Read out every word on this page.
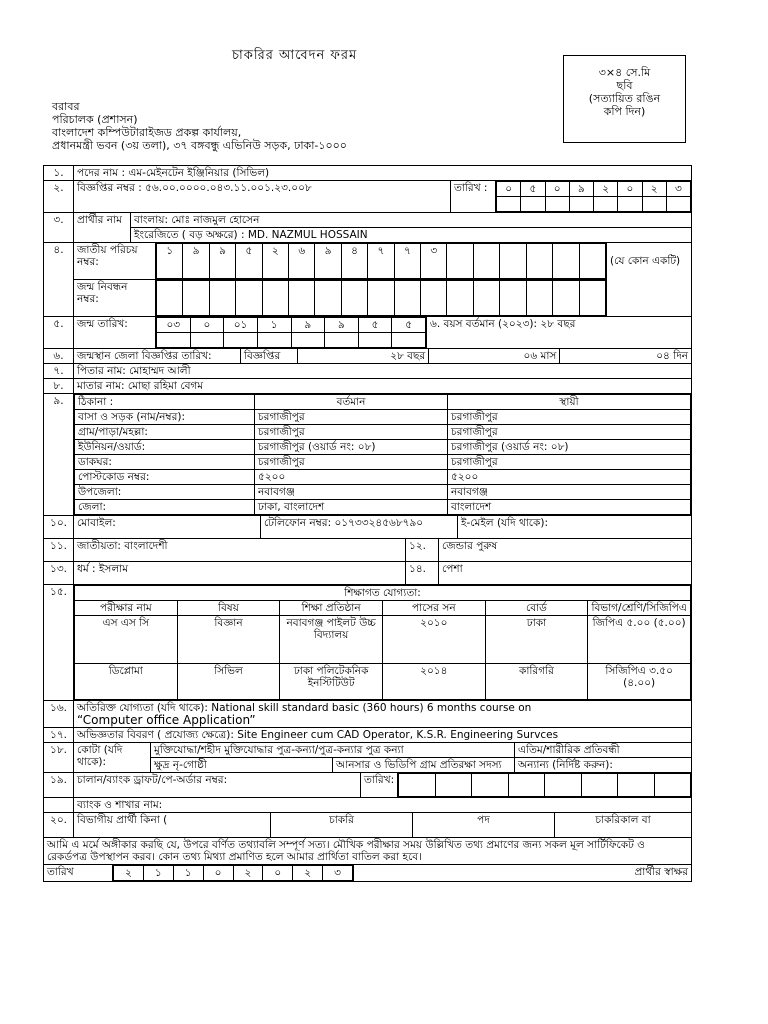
চাকরির আবেদন ফরম
৩×৪ সে.মি
ছবি
(সত্যায়িত রঙিন
কপি দিন)
বরাবর
পরিচালক (প্রশাসন)
বাংলাদেশ কম্পিউটারাইজড প্রকল্প কার্যালয়,
প্রধানমন্ত্রী ভবন (৩য় তলা), ৩৭ বঙ্গবন্ধু এভিনিউ সড়ক, ঢাকা-১০০০
১.	পদের নাম : এম-মেইনটেন ইঞ্জিনিয়ার (সিভিল)
২.	বিজ্ঞপ্তির নম্বর : ৫৬.০০.০০০০.০৪৩.১১.০০১.২৩.০০৮	তারিখ :	০	৫	০	৯	২	০	২	৩

৩.	প্রার্থীর নাম	বাংলায়: মোঃ নাজমুল হোসেন
ইংরেজিতে ( বড় অক্ষরে) : MD. NAZMUL HOSSAIN

৪.	জাতীয় পরিচয় নম্বর:	
১	৯	৯	৫	২	৬	৯	৪	৭	৭	৩						
	(যে কোন একটি)
জন্ম নিবন্ধন নম্বর:	

৫.	জন্ম তারিখ:		০৩	০	০১	১	৯	৯	৫	৫

	৬. বয়স বর্তমান (২০২৩): ২৮ বছর

৬.	জন্মস্থান জেলা বিজ্ঞপ্তির তারিখ:	বিজ্ঞপ্তির	২৮ বছর	০৬ মাস	০৪ দিন

৭.	পিতার নাম: মোহাম্মদ আলী
৮.	মাতার নাম: মোছা রহিমা বেগম
৯.	ঠিকানা :	বর্তমান	স্থায়ী
বাসা ও সড়ক (নাম/নম্বর):	চরগাজীপুর	চরগাজীপুর
গ্রাম/পাড়া/মহল্লা:	চরগাজীপুর	চরগাজীপুর
ইউনিয়ন/ওয়ার্ড:	চরগাজীপুর (ওয়ার্ড নং: ০৮)	চরগাজীপুর (ওয়ার্ড নং: ০৮)
ডাকঘর:	চরগাজীপুর	চরগাজীপুর
পোস্টকোড নম্বর:	৫২০০	৫২০০
উপজেলা:	নবাবগঞ্জ	নবাবগঞ্জ
জেলা:	ঢাকা, বাংলাদেশ	বাংলাদেশ

১০.	মোবাইল:	টেলিফোন নম্বর: ০১৭৩৩২৪৫৬৮৭৯০	ই-মেইল (যদি থাকে):

১১.	জাতীয়তা: বাংলাদেশী	১২.	জেন্ডার পুরুষ

১৩.	ধর্ম : ইসলাম	১৪.	পেশা

১৫.		শিক্ষাগত যোগ্যতা:
পরীক্ষার নাম	বিষয়	শিক্ষা প্রতিষ্ঠান	পাসের সন	বোর্ড	বিভাগ/শ্রেণি/সিজিপিএ
এস এস সি	বিজ্ঞান	নবাবগঞ্জ পাইলট উচ্চ বিদ্যালয়	২০১০	ঢাকা	জিপিএ ৫.০০ (৫.০০)
ডিপ্লোমা	সিভিল	ঢাকা পলিটেকনিক ইনস্টিটিউট	২০১৪	কারিগরি	সিজিপিএ ৩.৫০ (৪.০০)

১৬.	অতিরিক্ত যোগ্যতা (যদি থাকে): National skill standard basic (360 hours) 6 months course on
“Computer office Application”

১৭.	অভিজ্ঞতার বিবরণ ( প্রযোজ্য ক্ষেত্রে): Site Engineer cum CAD Operator, K.S.R. Engineering Survces
১৮.	কোটা (যদি থাকে):	মুক্তিযোদ্ধা/শহীদ মুক্তিযোদ্ধার পুত্র-কন্যা/পুত্র-কন্যার পুত্র কন্যা	এতিম/শারীরিক প্রতিবন্ধী
ক্ষুদ্র নৃ-গোষ্ঠী	আনসার ও ভিডিপি গ্রাম প্রতিরক্ষা সদস্য	অন্যান্য (নির্দিষ্ট করুন):

১৯.	চালান/ব্যাংক ড্রাফট/পে-অর্ডার নম্বর:	তারিখ:	

	ব্যাংক ও শাখার নাম:
২০.	বিভাগীয় প্রার্থী কিনা (	চাকরি	পদ	চাকরিকাল বা

আমি এ মর্মে অঙ্গীকার করছি যে, উপরে বর্ণিত তথ্যাবলি সম্পূর্ণ সত্য। মৌখিক পরীক্ষার সময় উল্লিখিত তথ্য প্রমাণের জন্য সকল মূল সার্টিফিকেট ও রেকর্ডপত্র উপস্থাপন করব। কোন তথ্য মিথ্যা প্রমাণিত হলে আমার প্রার্থিতা বাতিল করা হবে।

তারিখ		২	১	১	০	২	০	২	৩
		প্রার্থীর স্বাক্ষর
